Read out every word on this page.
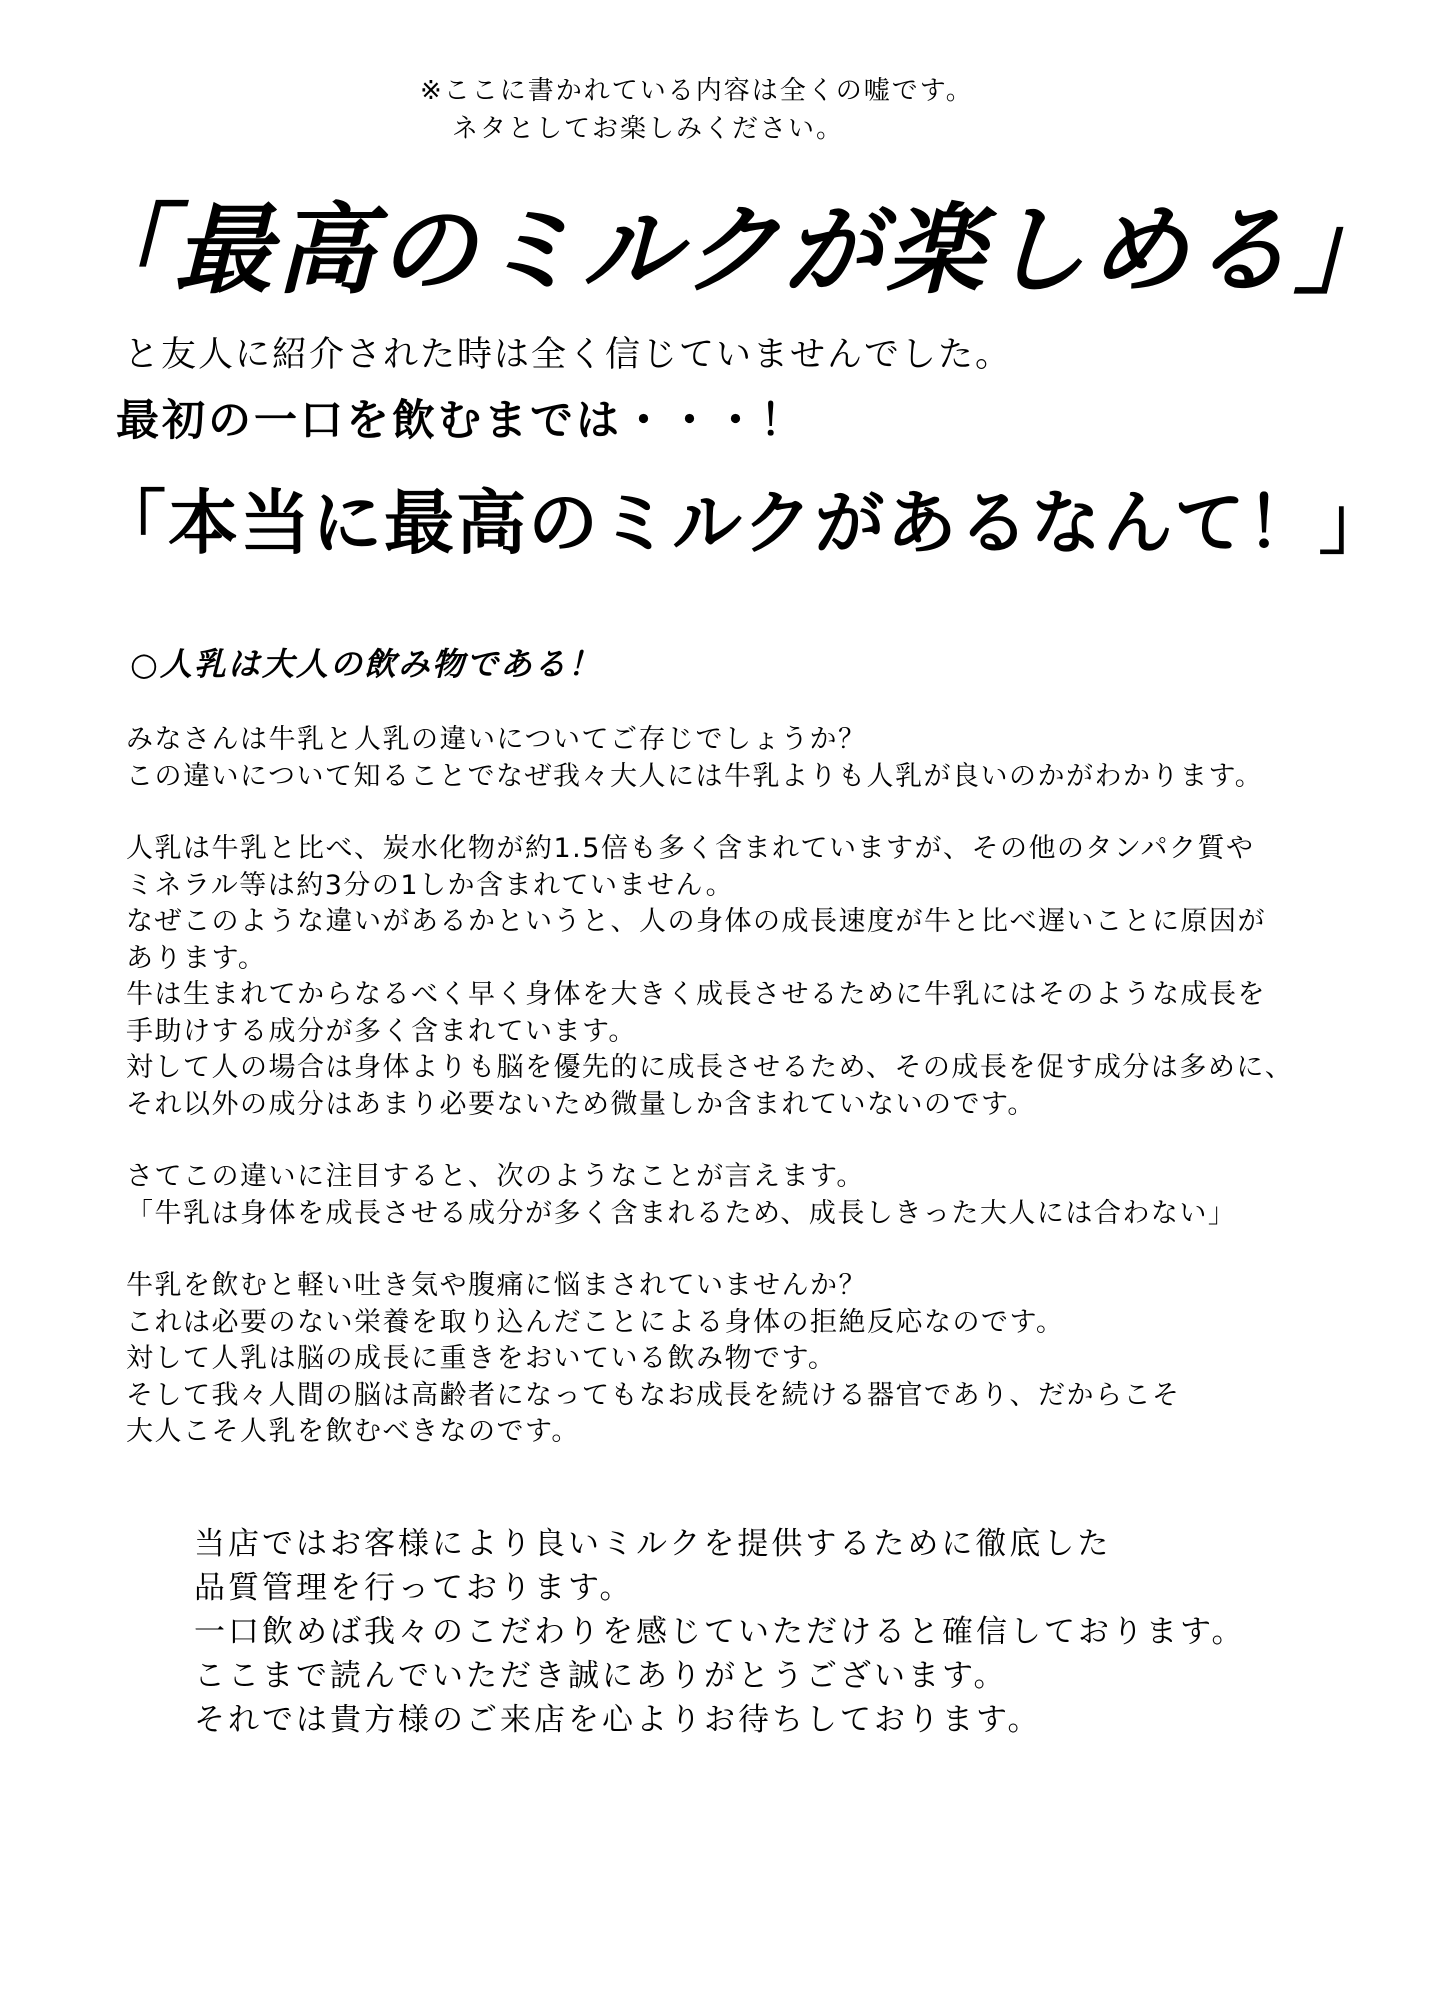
※ここに書かれている内容は全くの嘘です。

ネタとしてお楽しみください。

「最高のミルクが楽しめる」

と友人に紹介された時は全く信じていませんでした。

最初の一口を飲むまでは・・・！

「本当に最高のミルクがあるなんて！」
○人乳は大人の飲み物である！
みなさんは牛乳と人乳の違いについてご存じでしょうか？
この違いについて知ることでなぜ我々大人には牛乳よりも人乳が良いのかがわかります。
人乳は牛乳と比べ、炭水化物が約1.5倍も多く含まれていますが、その他のタンパク質や
ミネラル等は約3分の1しか含まれていません。
なぜこのような違いがあるかというと、人の身体の成長速度が牛と比べ遅いことに原因が
あります。
牛は生まれてからなるべく早く身体を大きく成長させるために牛乳にはそのような成長を
手助けする成分が多く含まれています。
対して人の場合は身体よりも脳を優先的に成長させるため、その成長を促す成分は多めに、
それ以外の成分はあまり必要ないため微量しか含まれていないのです。
さてこの違いに注目すると、次のようなことが言えます。
「牛乳は身体を成長させる成分が多く含まれるため、成長しきった大人には合わない」
牛乳を飲むと軽い吐き気や腹痛に悩まされていませんか？
これは必要のない栄養を取り込んだことによる身体の拒絶反応なのです。
対して人乳は脳の成長に重きをおいている飲み物です。
そして我々人間の脳は高齢者になってもなお成長を続ける器官であり、だからこそ
大人こそ人乳を飲むべきなのです。
当店ではお客様により良いミルクを提供するために徹底した
品質管理を行っております。
一口飲めば我々のこだわりを感じていただけると確信しております。
ここまで読んでいただき誠にありがとうございます。
それでは貴方様のご来店を心よりお待ちしております。
